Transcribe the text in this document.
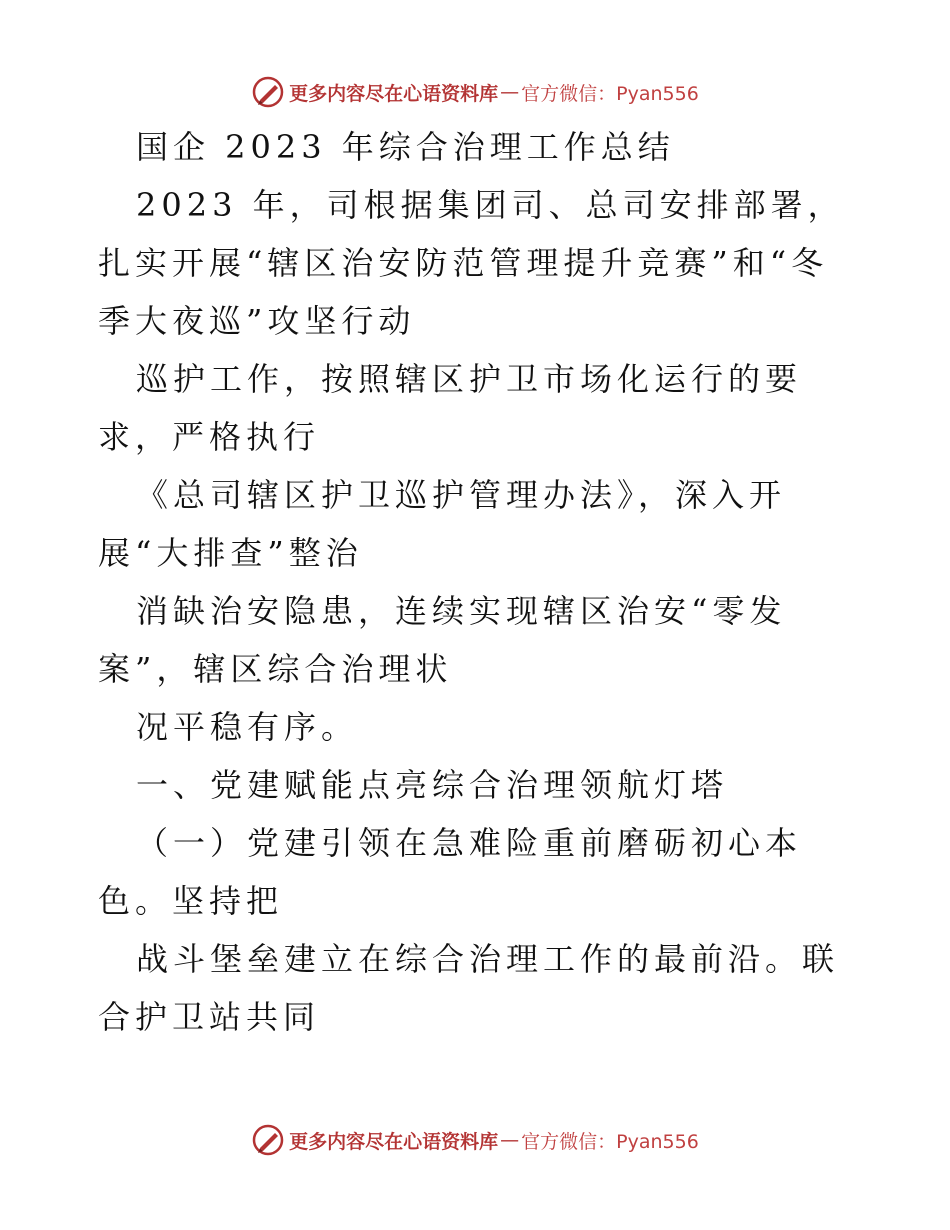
更多内容尽在心语资料库 — 官方微信：Pyan556

国企 2023 年综合治理工作总结

2023 年，司根据集团司、总司安排部署，扎实开展“辖区治安防范管理提升竞赛”和“冬季大夜巡”攻坚行动

巡护工作，按照辖区护卫市场化运行的要求，严格执行

《总司辖区护卫巡护管理办法》，深入开展“大排查”整治

消缺治安隐患，连续实现辖区治安“零发案”，辖区综合治理状

况平稳有序。

一、党建赋能点亮综合治理领航灯塔

（一）党建引领在急难险重前磨砺初心本色。坚持把

战斗堡垒建立在综合治理工作的最前沿。联合护卫站共同

更多内容尽在心语资料库 — 官方微信：Pyan556
